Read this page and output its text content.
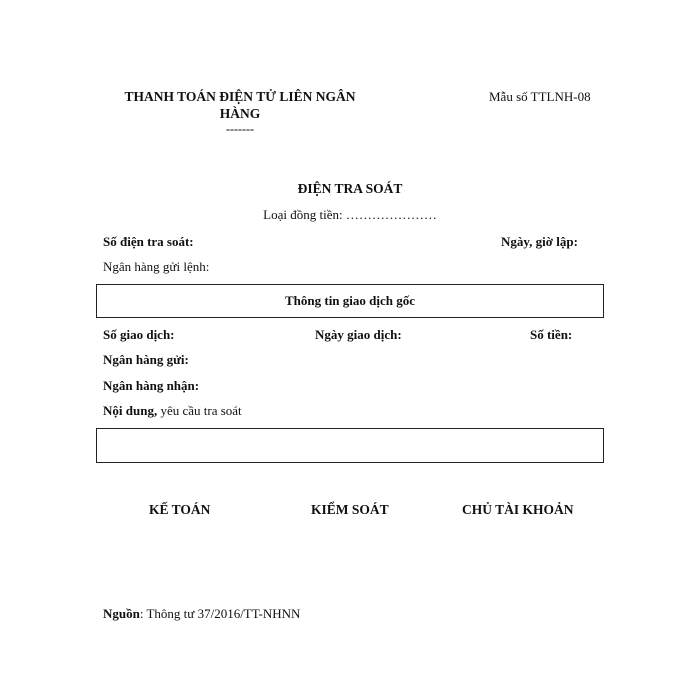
THANH TOÁN ĐIỆN TỬ LIÊN NGÂN HÀNG
-------
Mẫu số TTLNH-08
ĐIỆN TRA SOÁT
Loại đồng tiền: …………………
Số điện tra soát:	Ngày, giờ lập:
Ngân hàng gửi lệnh:
Thông tin giao dịch gốc
Số giao dịch:	Ngày giao dịch:	Số tiền:
Ngân hàng gửi:
Ngân hàng nhận:
Nội dung, yêu cầu tra soát
KẾ TOÁN	KIỂM SOÁT	CHỦ TÀI KHOẢN
Nguồn: Thông tư 37/2016/TT-NHNN
